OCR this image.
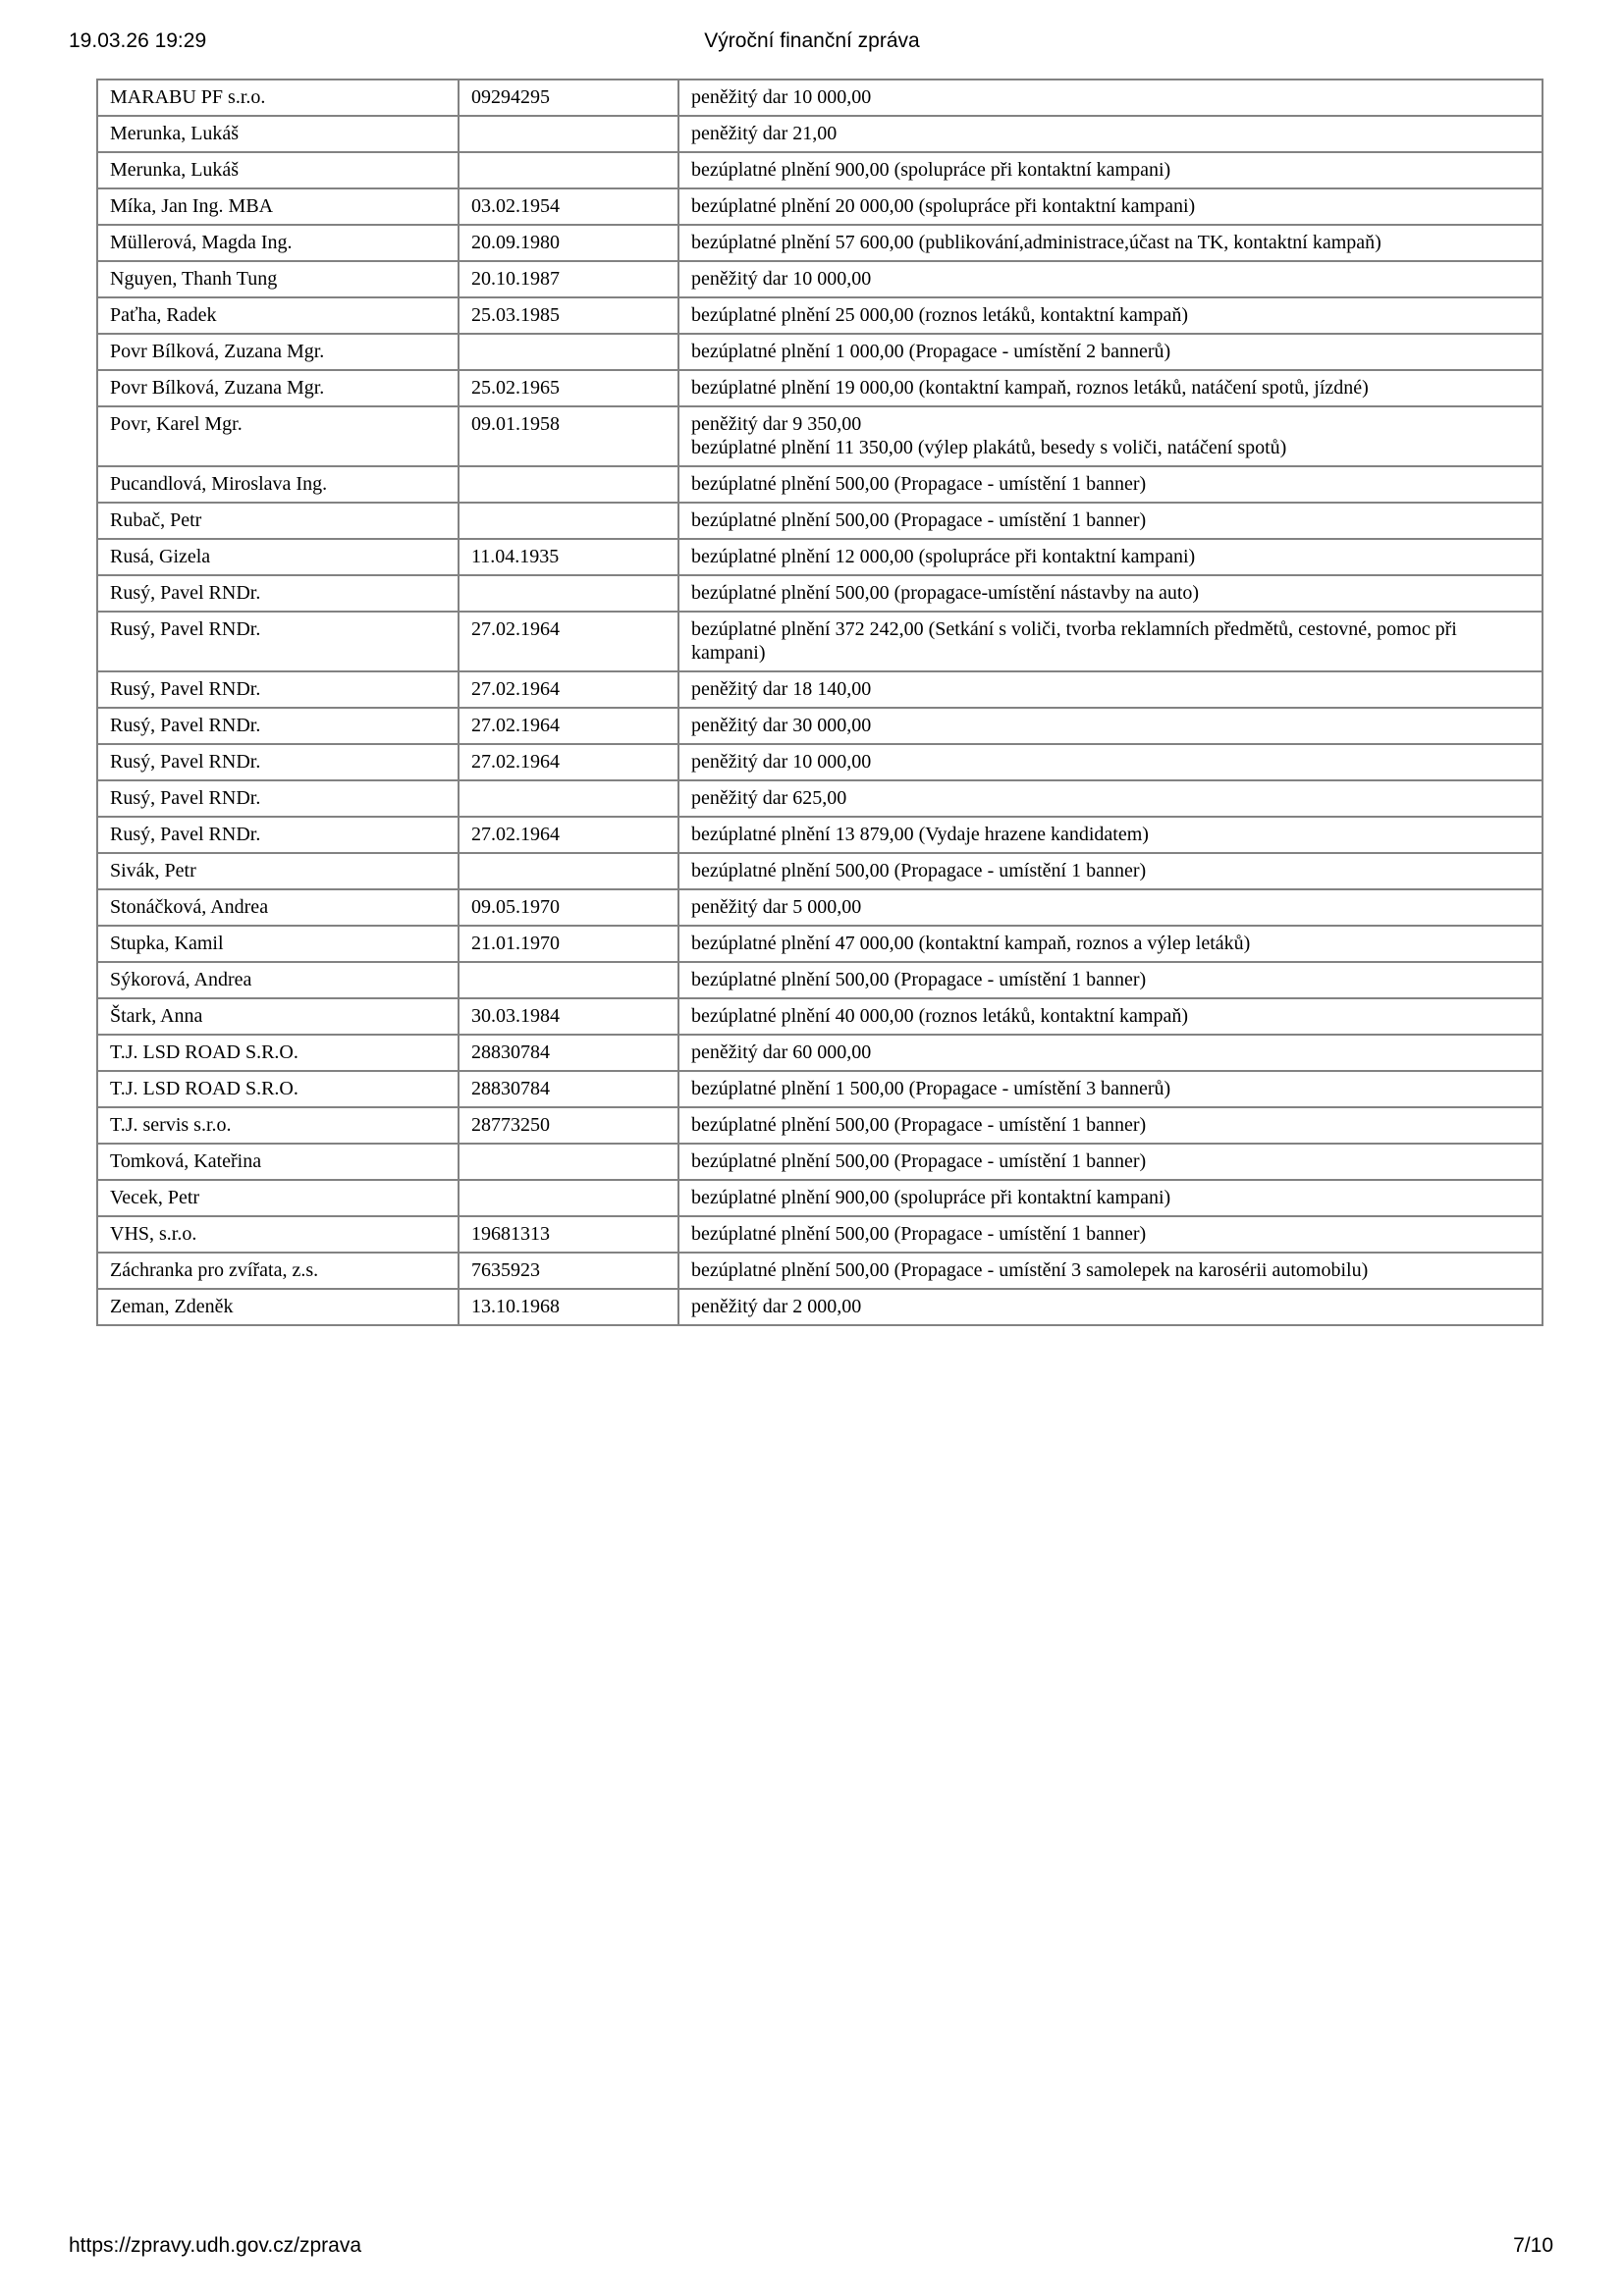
19.03.26 19:29	Výroční finanční zpráva
MARABU PF s.r.o.	09294295	peněžitý dar 10 000,00
Merunka, Lukáš		peněžitý dar 21,00
Merunka, Lukáš		bezúplatné plnění 900,00 (spolupráce při kontaktní kampani)
Míka, Jan Ing. MBA	03.02.1954	bezúplatné plnění 20 000,00 (spolupráce při kontaktní kampani)
Müllerová, Magda Ing.	20.09.1980	bezúplatné plnění 57 600,00 (publikování,administrace,účast na TK, kontaktní kampaň)
Nguyen, Thanh Tung	20.10.1987	peněžitý dar 10 000,00
Paťha, Radek	25.03.1985	bezúplatné plnění 25 000,00 (roznos letáků, kontaktní kampaň)
Povr Bílková, Zuzana Mgr.		bezúplatné plnění 1 000,00 (Propagace - umístění 2 bannerů)
Povr Bílková, Zuzana Mgr.	25.02.1965	bezúplatné plnění 19 000,00 (kontaktní kampaň, roznos letáků, natáčení spotů, jízdné)
Povr, Karel Mgr.	09.01.1958	peněžitý dar 9 350,00
bezúplatné plnění 11 350,00 (výlep plakátů, besedy s voliči, natáčení spotů)
Pucandlová, Miroslava Ing.		bezúplatné plnění 500,00 (Propagace - umístění 1 banner)
Rubač, Petr		bezúplatné plnění 500,00 (Propagace - umístění 1 banner)
Rusá, Gizela	11.04.1935	bezúplatné plnění 12 000,00 (spolupráce při kontaktní kampani)
Rusý, Pavel RNDr.		bezúplatné plnění 500,00 (propagace-umístění nástavby na auto)
Rusý, Pavel RNDr.	27.02.1964	bezúplatné plnění 372 242,00 (Setkání s voliči, tvorba reklamních předmětů, cestovné, pomoc při kampani)
Rusý, Pavel RNDr.	27.02.1964	peněžitý dar 18 140,00
Rusý, Pavel RNDr.	27.02.1964	peněžitý dar 30 000,00
Rusý, Pavel RNDr.	27.02.1964	peněžitý dar 10 000,00
Rusý, Pavel RNDr.		peněžitý dar 625,00
Rusý, Pavel RNDr.	27.02.1964	bezúplatné plnění 13 879,00 (Vydaje hrazene kandidatem)
Sivák, Petr		bezúplatné plnění 500,00 (Propagace - umístění 1 banner)
Stonáčková, Andrea	09.05.1970	peněžitý dar 5 000,00
Stupka, Kamil	21.01.1970	bezúplatné plnění 47 000,00 (kontaktní kampaň, roznos a výlep letáků)
Sýkorová, Andrea		bezúplatné plnění 500,00 (Propagace - umístění 1 banner)
Štark, Anna	30.03.1984	bezúplatné plnění 40 000,00 (roznos letáků, kontaktní kampaň)
T.J. LSD ROAD S.R.O.	28830784	peněžitý dar 60 000,00
T.J. LSD ROAD S.R.O.	28830784	bezúplatné plnění 1 500,00 (Propagace - umístění 3 bannerů)
T.J. servis s.r.o.	28773250	bezúplatné plnění 500,00 (Propagace - umístění 1 banner)
Tomková, Kateřina		bezúplatné plnění 500,00 (Propagace - umístění 1 banner)
Vecek, Petr		bezúplatné plnění 900,00 (spolupráce při kontaktní kampani)
VHS, s.r.o.	19681313	bezúplatné plnění 500,00 (Propagace - umístění 1 banner)
Záchranka pro zvířata, z.s.	7635923	bezúplatné plnění 500,00 (Propagace - umístění 3 samolepek na karosérii automobilu)
Zeman, Zdeněk	13.10.1968	peněžitý dar 2 000,00
https://zpravy.udh.gov.cz/zprava	7/10
